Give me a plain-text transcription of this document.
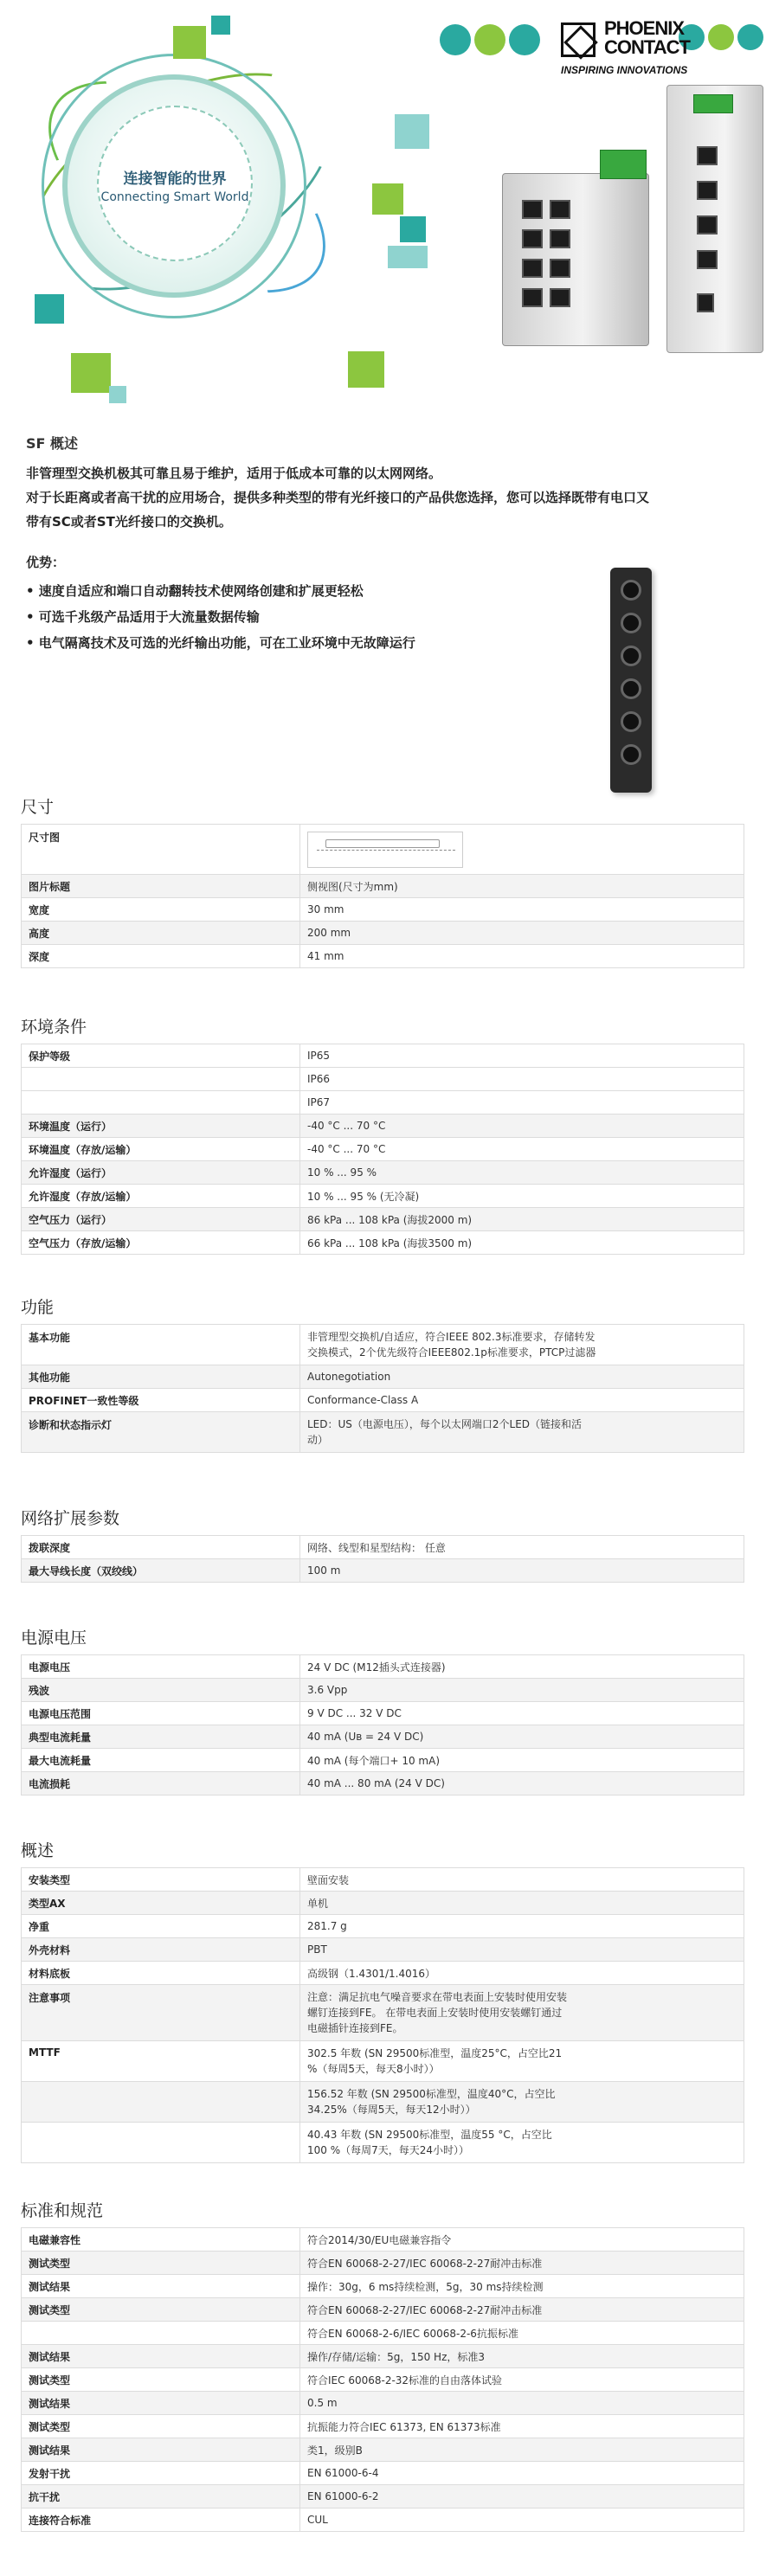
连接智能的世界
Connecting Smart World
PHOENIX CONTACT
INSPIRING INNOVATIONS
SF 概述
非管理型交换机极其可靠且易于维护，适用于低成本可靠的以太网网络。
对于长距离或者高干扰的应用场合，提供多种类型的带有光纤接口的产品供您选择，您可以选择既带有电口又
带有SC或者ST光纤接口的交换机。
优势：
• 速度自适应和端口自动翻转技术使网络创建和扩展更轻松
• 可选千兆级产品适用于大流量数据传输
• 电气隔离技术及可选的光纤输出功能，可在工业环境中无故障运行
尺寸
尺寸图	

图片标题	侧视图(尺寸为mm)
宽度	30 mm
高度	200 mm
深度	41 mm
环境条件
保护等级	IP65
	IP66
	IP67
环境温度（运行）	-40 °C ... 70 °C
环境温度（存放/运输）	-40 °C ... 70 °C
允许湿度（运行）	10 % ... 95 %
允许湿度（存放/运输）	10 % ... 95 % (无冷凝)
空气压力（运行）	86 kPa ... 108 kPa (海拔2000 m)
空气压力（存放/运输）	66 kPa ... 108 kPa (海拔3500 m)
功能
基本功能	非管理型交换机/自适应，符合IEEE 802.3标准要求，存储转发交换模式，2个优先级符合IEEE802.1p标准要求，PTCP过滤器
其他功能	Autonegotiation
PROFINET一致性等级	Conformance-Class A
诊断和状态指示灯	LED：US（电源电压），每个以太网端口2个LED（链接和活动）
网络扩展参数
拨联深度	网络、线型和星型结构： 任意
最大导线长度（双绞线）	100 m
电源电压
电源电压	24 V DC (M12插头式连接器)
残波	3.6 Vpp
电源电压范围	9 V DC ... 32 V DC
典型电流耗量	40 mA (Uʙ = 24 V DC)
最大电流耗量	40 mA (每个端口+ 10 mA)
电流损耗	40 mA ... 80 mA (24 V DC)
概述
安装类型	壁面安装
类型AX	单机
净重	281.7 g
外壳材料	PBT
材料底板	高级钢（1.4301/1.4016）
注意事项	注意：满足抗电气噪音要求在带电表面上安装时使用安装螺钉连接到FE。 在带电表面上安装时使用安装螺钉通过电磁插针连接到FE。
MTTF	302.5 年数 (SN 29500标准型，温度25°C，占空比21 %（每周5天，每天8小时））
	156.52 年数 (SN 29500标准型，温度40°C，占空比34.25%（每周5天，每天12小时））
	40.43 年数 (SN 29500标准型，温度55 °C，占空比100 %（每周7天，每天24小时））
标准和规范
电磁兼容性	符合2014/30/EU电磁兼容指令
测试类型	符合EN 60068-2-27/IEC 60068-2-27耐冲击标准
测试结果	操作：30g，6 ms持续检测，5g，30 ms持续检测
测试类型	符合EN 60068-2-27/IEC 60068-2-27耐冲击标准
	符合EN 60068-2-6/IEC 60068-2-6抗振标准
测试结果	操作/存储/运输：5g，150 Hz，标准3
测试类型	符合IEC 60068-2-32标准的自由落体试验
测试结果	0.5 m
测试类型	抗振能力符合IEC 61373, EN 61373标准
测试结果	类1，级别B
发射干扰	EN 61000-6-4
抗干扰	EN 61000-6-2
连接符合标准	CUL
